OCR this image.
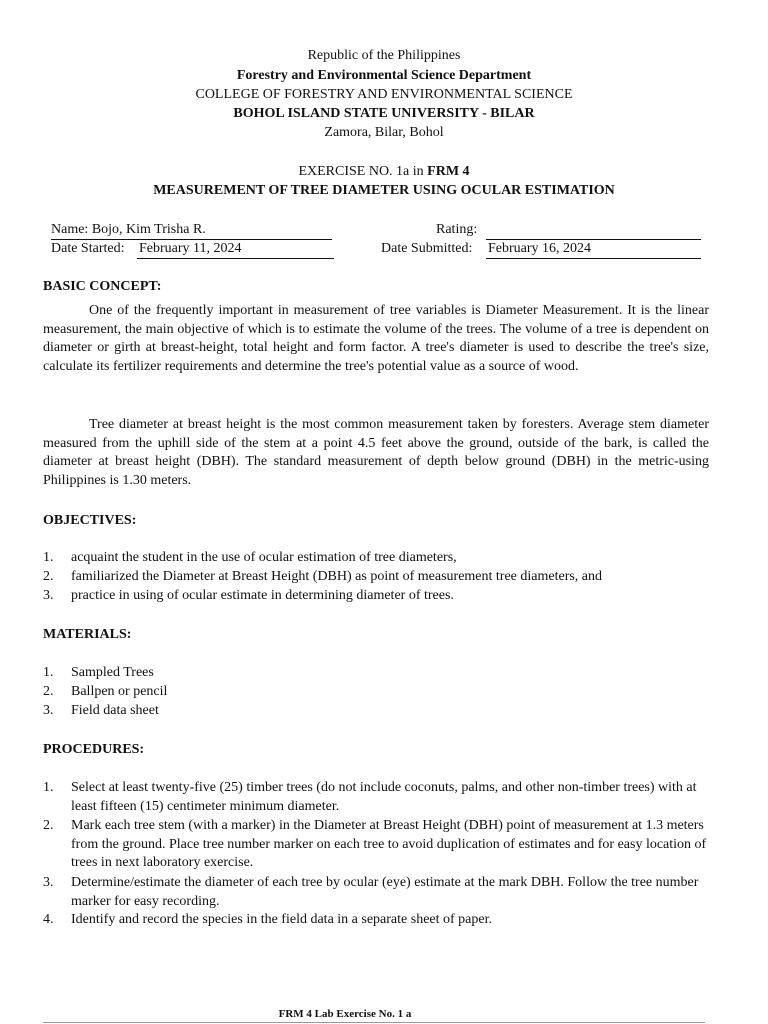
Republic of the Philippines
Forestry and Environmental Science Department
COLLEGE OF FORESTRY AND ENVIRONMENTAL SCIENCE
BOHOL ISLAND STATE UNIVERSITY - BILAR
Zamora, Bilar, Bohol
EXERCISE NO. 1a in FRM 4
MEASUREMENT OF TREE DIAMETER USING OCULAR ESTIMATION
Name: Bojo, Kim Trisha R.	Rating:
Date Started: February 11, 2024	Date Submitted: February 16, 2024
BASIC CONCEPT:
One of the frequently important in measurement of tree variables is Diameter Measurement. It is the linear measurement, the main objective of which is to estimate the volume of the trees. The volume of a tree is dependent on diameter or girth at breast-height, total height and form factor. A tree's diameter is used to describe the tree's size, calculate its fertilizer requirements and determine the tree's potential value as a source of wood.
Tree diameter at breast height is the most common measurement taken by foresters. Average stem diameter measured from the uphill side of the stem at a point 4.5 feet above the ground, outside of the bark, is called the diameter at breast height (DBH). The standard measurement of depth below ground (DBH) in the metric-using Philippines is 1.30 meters.
OBJECTIVES:
1. acquaint the student in the use of ocular estimation of tree diameters,
2. familiarized the Diameter at Breast Height (DBH) as point of measurement tree diameters, and
3. practice in using of ocular estimate in determining diameter of trees.
MATERIALS:
1. Sampled Trees
2. Ballpen or pencil
3. Field data sheet
PROCEDURES:
1. Select at least twenty-five (25) timber trees (do not include coconuts, palms, and other non-timber trees) with at least fifteen (15) centimeter minimum diameter.
2. Mark each tree stem (with a marker) in the Diameter at Breast Height (DBH) point of measurement at 1.3 meters from the ground. Place tree number marker on each tree to avoid duplication of estimates and for easy location of trees in next laboratory exercise.
3. Determine/estimate the diameter of each tree by ocular (eye) estimate at the mark DBH. Follow the tree number marker for easy recording.
4. Identify and record the species in the field data in a separate sheet of paper.
FRM 4 Lab Exercise No. 1 a
